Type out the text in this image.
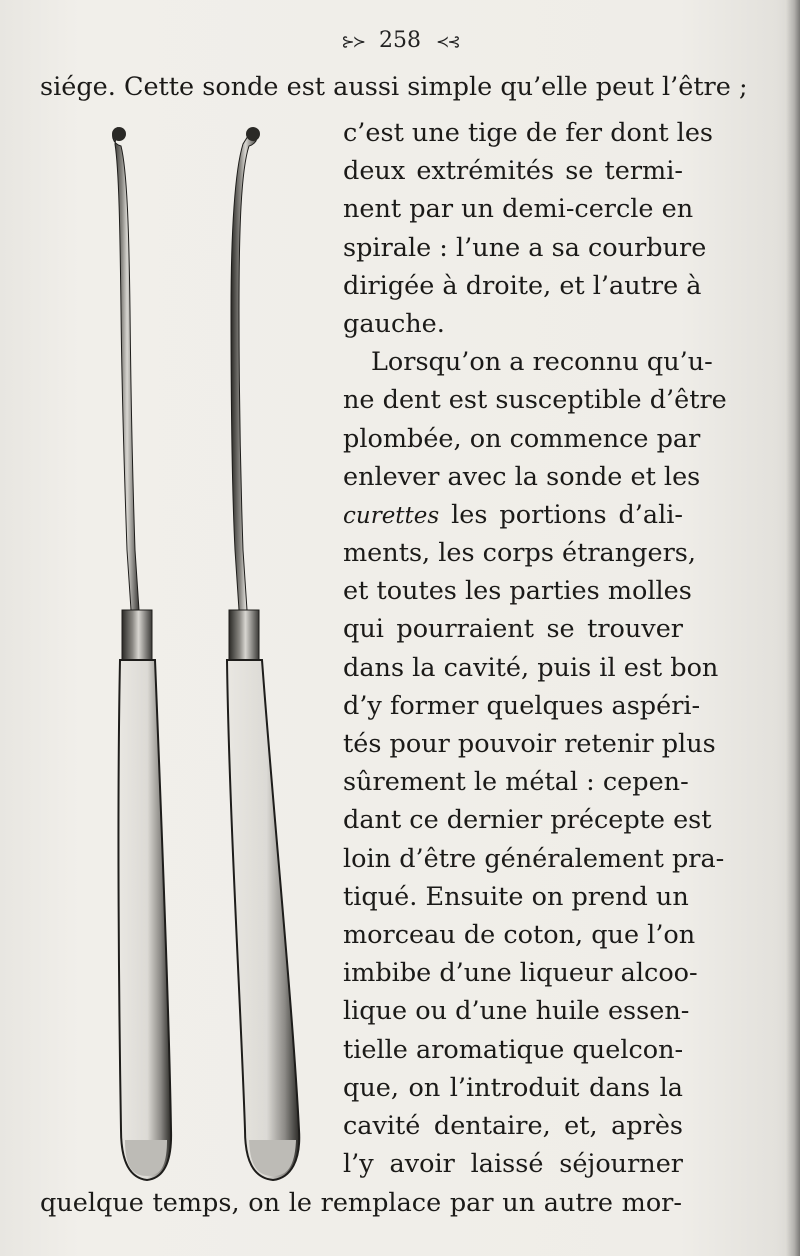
⊱≻ 258 ≺⊰
siége. Cette sonde est aussi simple qu’elle peut l’être ;
c’est une tige de fer dont les
deux extrémités se termi-
nent par un demi-cercle en
spirale : l’une a sa courbure
dirigée à droite, et l’autre à
gauche.
Lorsqu’on a reconnu qu’u-
ne dent est susceptible d’être
plombée, on commence par
enlever avec la sonde et les
curettes les portions d’ali-
ments, les corps étrangers,
et toutes les parties molles
qui pourraient se trouver
dans la cavité, puis il est bon
d’y former quelques aspéri-
tés pour pouvoir retenir plus
sûrement le métal : cepen-
dant ce dernier précepte est
loin d’être généralement pra-
tiqué. Ensuite on prend un
morceau de coton, que l’on
imbibe d’une liqueur alcoo-
lique ou d’une huile essen-
tielle aromatique quelcon-
que, on l’introduit dans la
cavité dentaire, et, après
l’y avoir laissé séjourner
quelque temps, on le remplace par un autre mor-
